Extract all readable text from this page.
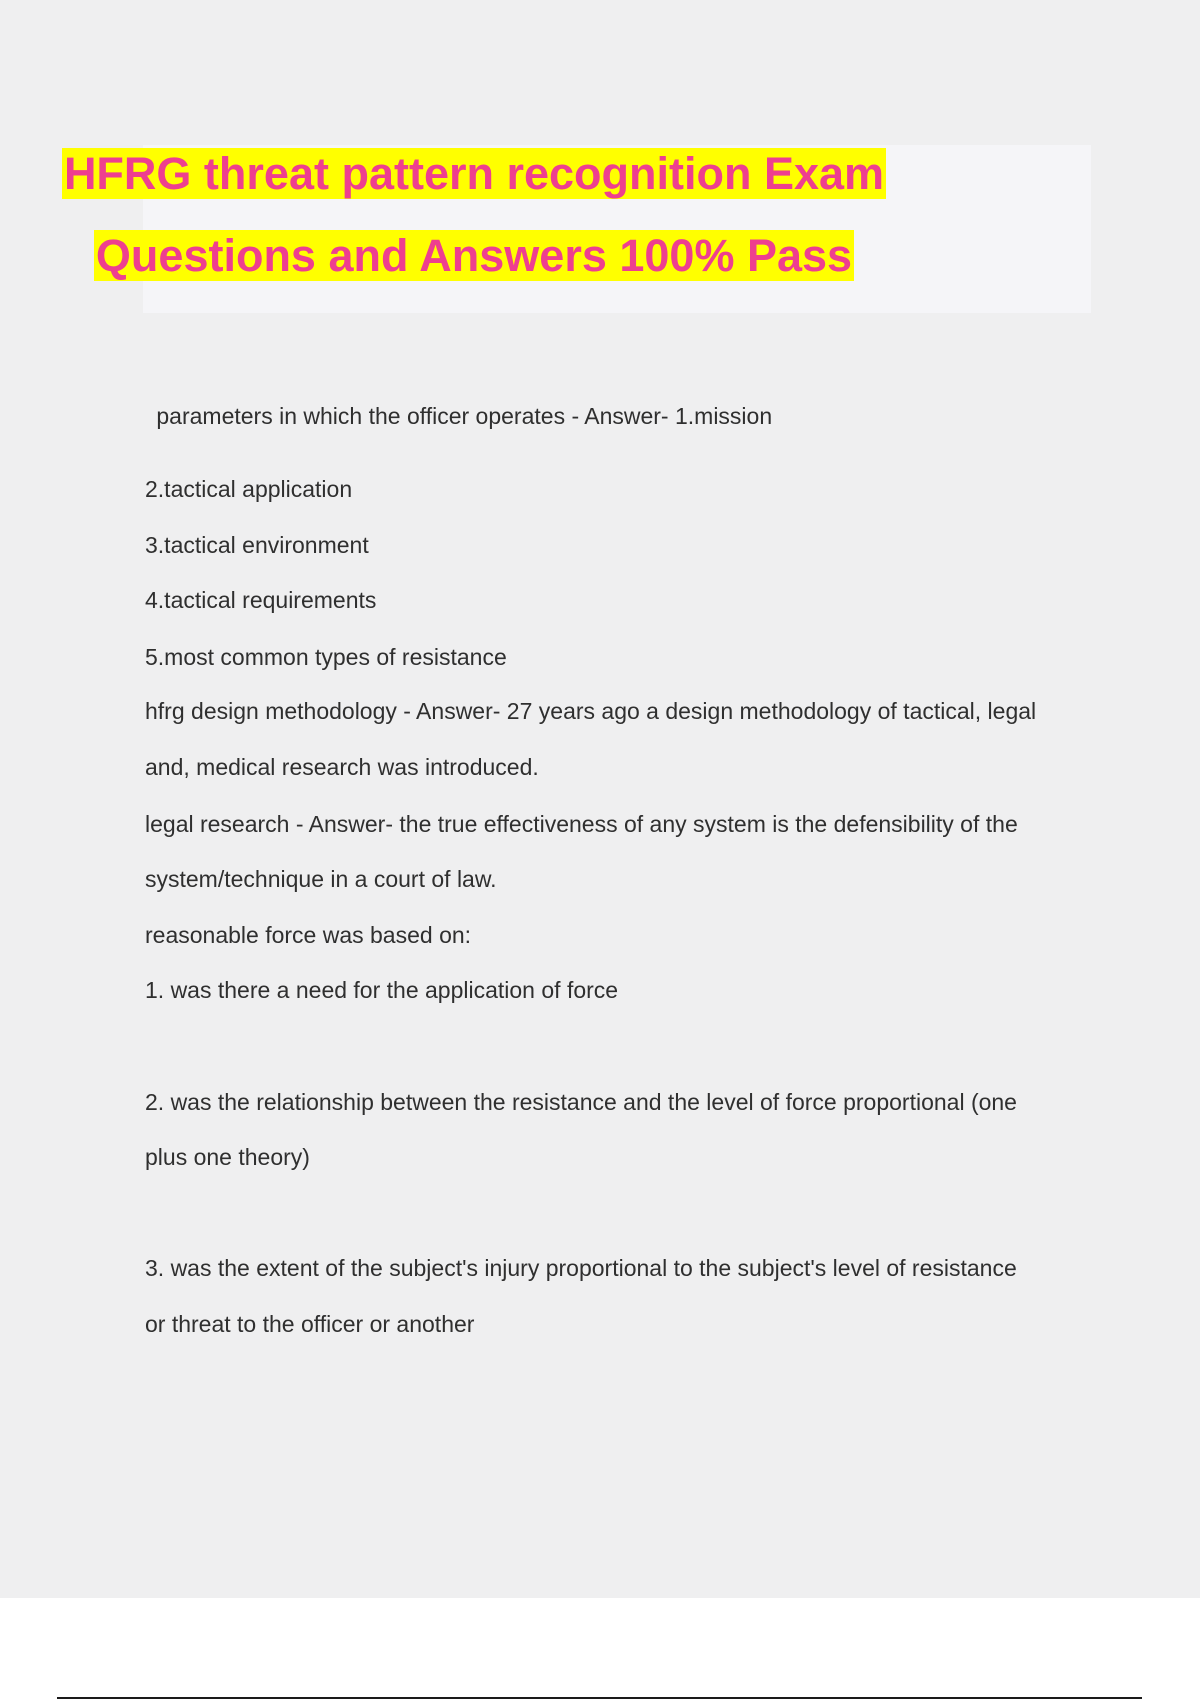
HFRG threat pattern recognition Exam
Questions and Answers 100% Pass
parameters in which the officer operates - Answer- 1.mission
2.tactical application
3.tactical environment
4.tactical requirements
5.most common types of resistance
hfrg design methodology - Answer- 27 years ago a design methodology of tactical, legal
and, medical research was introduced.
legal research - Answer- the true effectiveness of any system is the defensibility of the
system/technique in a court of law.
reasonable force was based on:
1. was there a need for the application of force
2. was the relationship between the resistance and the level of force proportional (one
plus one theory)
3. was the extent of the subject's injury proportional to the subject's level of resistance
or threat to the officer or another
